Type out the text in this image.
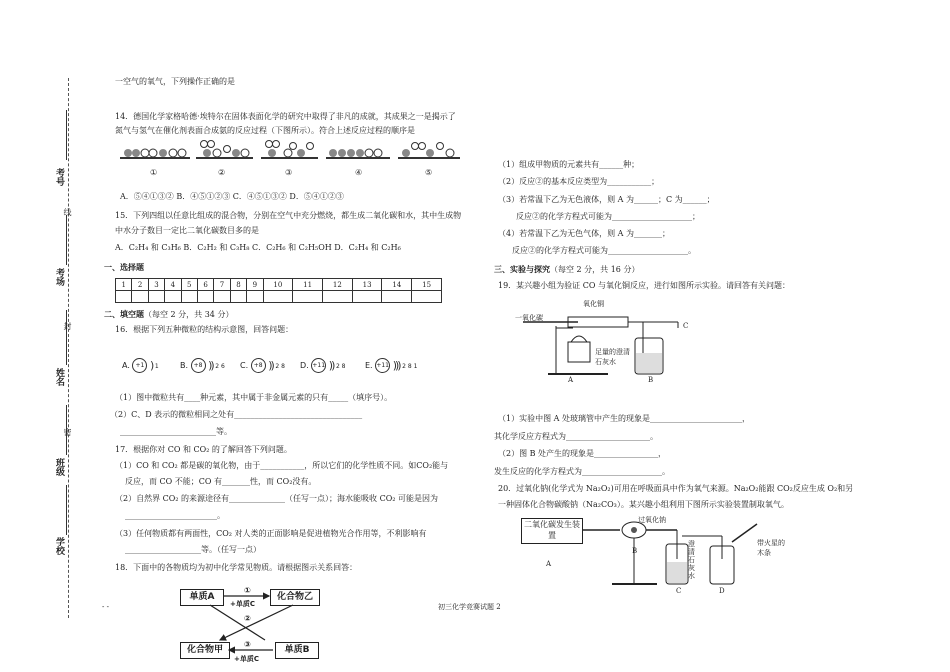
考号
考场
姓名
班级
学校
线
封
密
一空气的氧气，下列操作正确的是
14．德国化学家格哈德·埃特尔在固体表面化学的研究中取得了非凡的成就，其成果之一是揭示了
氮气与氢气在催化剂表面合成氨的反应过程（下图所示）。符合上述反应过程的顺序是
①	②	③	④	⑤
A．⑤④①③② B．④⑤①②③ C．④⑤①③② D．⑤④①②③
15．下列四组以任意比组成的混合物，分别在空气中充分燃烧，都生成二氧化碳和水，其中生成物
中水分子数目一定比二氧化碳数目多的是
A．C₂H₄ 和 C₃H₆ B．C₂H₂ 和 C₃H₈ C．C₂H₆ 和 C₂H₅OH D．C₂H₄ 和 C₂H₆
一、选择题
1	2	3	4	5	6	7	8	9	10	11	12	13	14	15

二、填空题（每空 2 分，共 34 分）
16．根据下列五种微粒的结构示意图，回答问题：
A. +1 ) 1	B. +8 )) 2 6 C. +8 )) 2 8 D. +11 )) 2 8 E. +11 ))) 2 8 1
（1）图中微粒共有____种元素，其中属于非金属元素的只有_____（填序号）。
（2）C、D 表示的微粒相同之处有________________________________
________________________等。
17．根据你对 CO 和 CO₂ 的了解回答下列问题。
（1）CO 和 CO₂ 都是碳的氧化物，由于___________，所以它们的化学性质不同。如CO₂能与
反应，而 CO 不能；CO 有_______性，而 CO₂没有。
（2）自然界 CO₂ 的来源途径有______________（任写一点）；海水能吸收 CO₂ 可能是因为
_______________________。
（3）任何物质都有两面性，CO₂ 对人类的正面影响是促进植物光合作用等，不利影响有
___________________等。（任写一点）
18．下面中的各物质均为初中化学常见物质。请根据图示关系回答：
单质A	化合物乙
化合物甲	单质B
①
+单质C
②
③
+单质C
- -
（1）组成甲物质的元素共有______种；
（2）反应②的基本反应类型为___________；
（3）若常温下乙为无色液体，则 A 为______；C 为______；
反应②的化学方程式可能为____________________；
（4）若常温下乙为无色气体，则 A 为_______；
反应②的化学方程式可能为____________________。
三、实验与探究（每空 2 分，共 16 分）
19．某兴趣小组为验证 CO 与氧化铜反应，进行如图所示实验。请回答有关问题：
一氧化碳
氧化铜
C
足量的澄清石灰水
A	B
（1）实验中图 A 处玻璃管中产生的现象是_______________________，
其化学反应方程式为_____________________。
（2）图 B 处产生的现象是________________，
发生反应的化学方程式为____________________。
20．过氧化钠(化学式为 Na₂O₂)可用在呼吸面具中作为氧气来源。Na₂O₂能跟 CO₂反应生成 O₂和另
一种固体化合物碳酸钠（Na₂CO₃）。某兴趣小组利用下图所示实验装置制取氧气。
二氧化碳发生装置
过氧化钠
A
B
C	D
澄清石灰水
带火星的木条
初三化学竞赛试题 2
